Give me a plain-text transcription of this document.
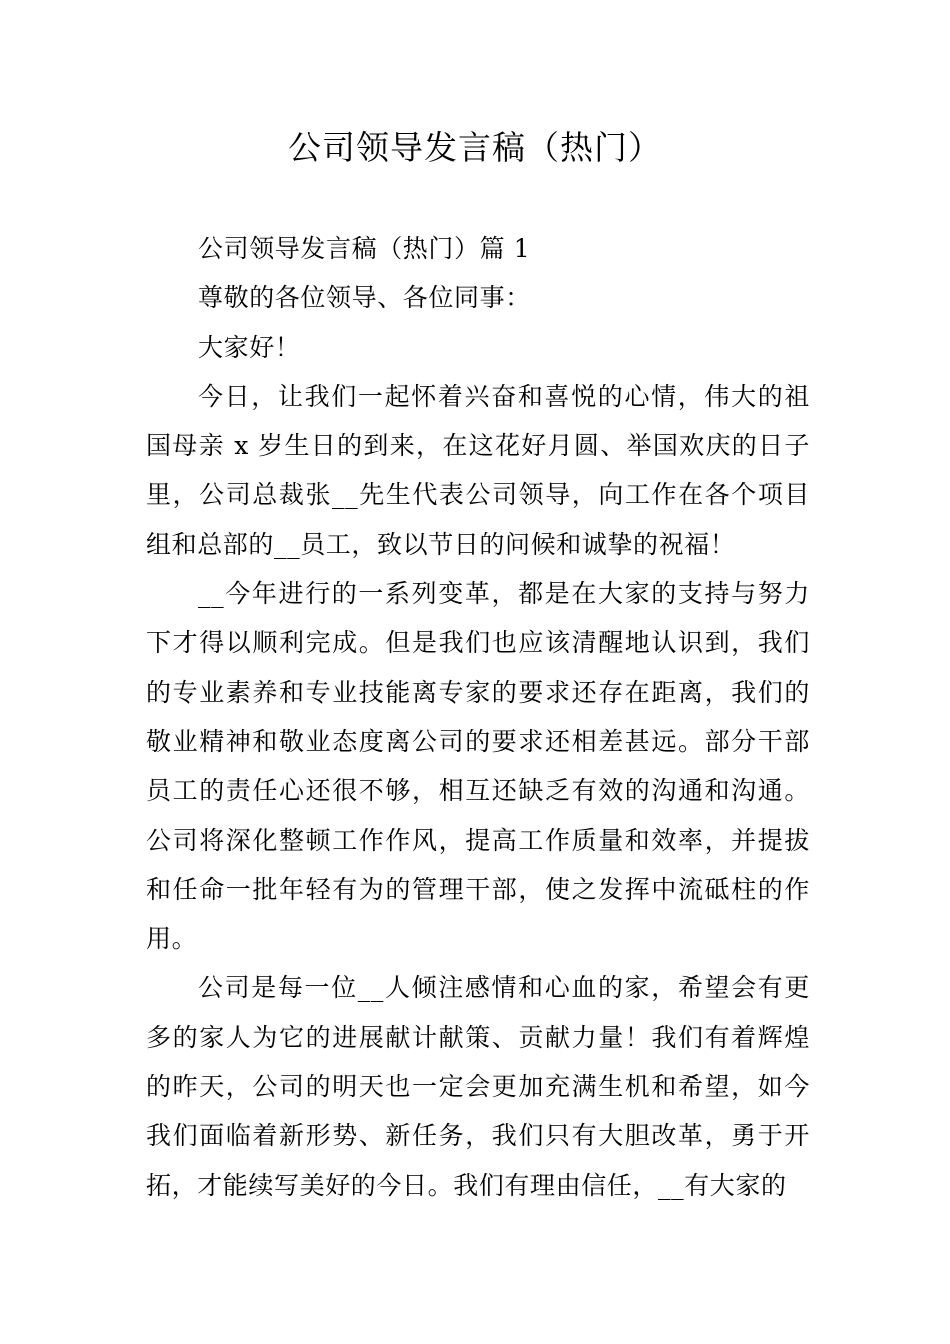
公司领导发言稿（热门）

公司领导发言稿（热门）篇 1

尊敬的各位领导、各位同事：

大家好！

今日，让我们一起怀着兴奋和喜悦的心情，伟大的祖国母亲 x 岁生日的到来，在这花好月圆、举国欢庆的日子里，公司总裁张__先生代表公司领导，向工作在各个项目组和总部的__员工，致以节日的问候和诚挚的祝福！

__今年进行的一系列变革，都是在大家的支持与努力下才得以顺利完成。但是我们也应该清醒地认识到，我们的专业素养和专业技能离专家的要求还存在距离，我们的敬业精神和敬业态度离公司的要求还相差甚远。部分干部员工的责任心还很不够，相互还缺乏有效的沟通和沟通。公司将深化整顿工作作风，提高工作质量和效率，并提拔和任命一批年轻有为的管理干部，使之发挥中流砥柱的作用。

公司是每一位__人倾注感情和心血的家，希望会有更多的家人为它的进展献计献策、贡献力量！我们有着辉煌的昨天，公司的明天也一定会更加充满生机和希望，如今我们面临着新形势、新任务，我们只有大胆改革，勇于开拓，才能续写美好的今日。我们有理由信任，__有大家的
